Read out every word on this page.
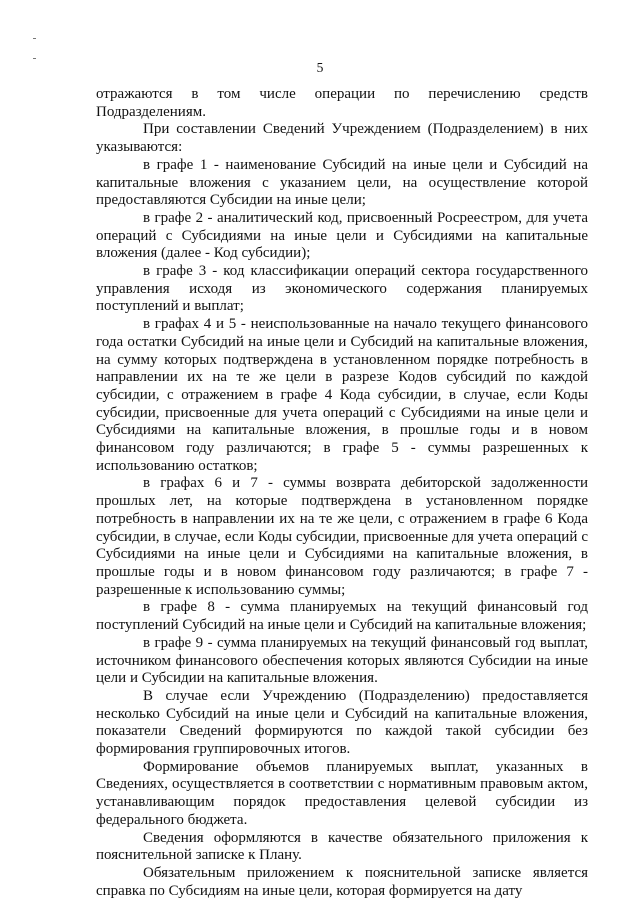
5

отражаются в том числе операции по перечислению средств Подразделениям.

При составлении Сведений Учреждением (Подразделением) в них указываются:

в графе 1 - наименование Субсидий на иные цели и Субсидий на капитальные вложения с указанием цели, на осуществление которой предоставляются Субсидии на иные цели;

в графе 2 - аналитический код, присвоенный Росреестром, для учета операций с Субсидиями на иные цели и Субсидиями на капитальные вложения (далее - Код субсидии);

в графе 3 - код классификации операций сектора государственного управления исходя из экономического содержания планируемых поступлений и выплат;

в графах 4 и 5 - неиспользованные на начало текущего финансового года остатки Субсидий на иные цели и Субсидий на капитальные вложения, на сумму которых подтверждена в установленном порядке потребность в направлении их на те же цели в разрезе Кодов субсидий по каждой субсидии, с отражением в графе 4 Кода субсидии, в случае, если Коды субсидии, присвоенные для учета операций с Субсидиями на иные цели и Субсидиями на капитальные вложения, в прошлые годы и в новом финансовом году различаются; в графе 5 - суммы разрешенных к использованию остатков;

в графах 6 и 7 - суммы возврата дебиторской задолженности прошлых лет, на которые подтверждена в установленном порядке потребность в направлении их на те же цели, с отражением в графе 6 Кода субсидии, в случае, если Коды субсидии, присвоенные для учета операций с Субсидиями на иные цели и Субсидиями на капитальные вложения, в прошлые годы и в новом финансовом году различаются; в графе 7 - разрешенные к использованию суммы;

в графе 8 - сумма планируемых на текущий финансовый год поступлений Субсидий на иные цели и Субсидий на капитальные вложения;

в графе 9 - сумма планируемых на текущий финансовый год выплат, источником финансового обеспечения которых являются Субсидии на иные цели и Субсидии на капитальные вложения.

В случае если Учреждению (Подразделению) предоставляется несколько Субсидий на иные цели и Субсидий на капитальные вложения, показатели Сведений формируются по каждой такой субсидии без формирования группировочных итогов.

Формирование объемов планируемых выплат, указанных в Сведениях, осуществляется в соответствии с нормативным правовым актом, устанавливающим порядок предоставления целевой субсидии из федерального бюджета.

Сведения оформляются в качестве обязательного приложения к пояснительной записке к Плану.

Обязательным приложением к пояснительной записке является справка по Субсидиям на иные цели, которая формируется на дату
